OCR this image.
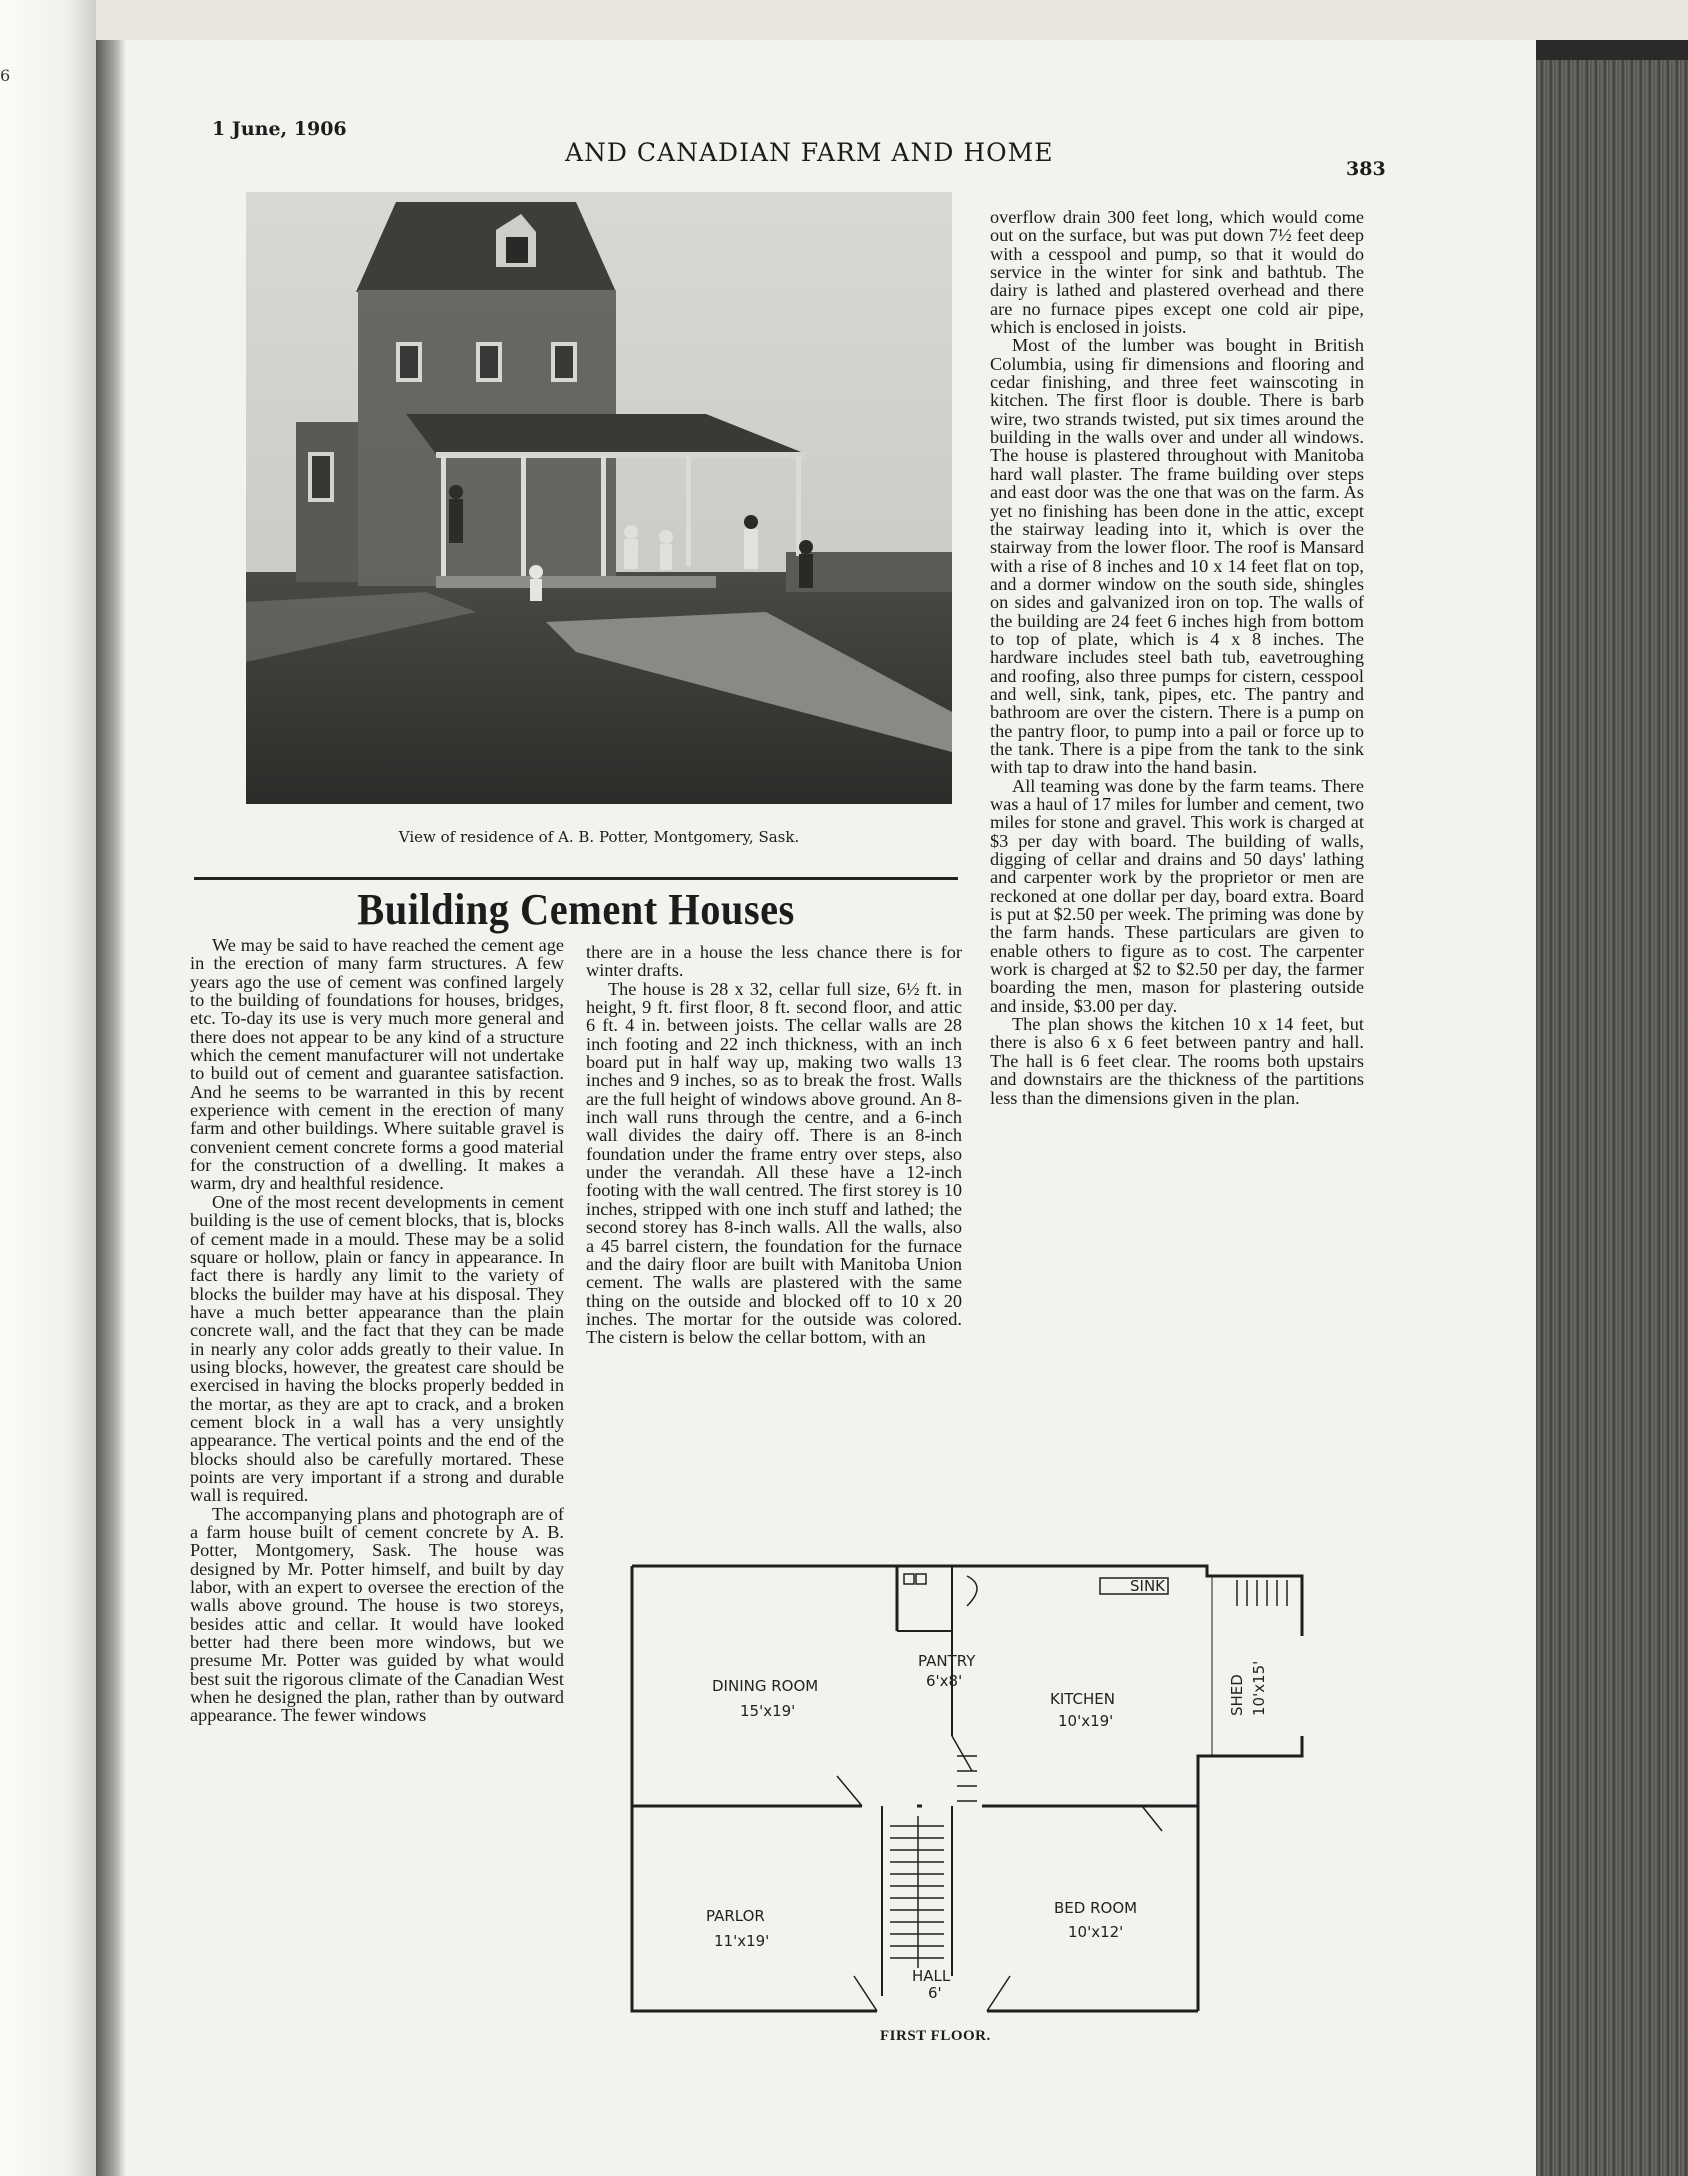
6
1 June, 1906
AND CANADIAN FARM AND HOME
383
View of residence of A. B. Potter, Montgomery, Sask.
Building Cement Houses

We may be said to have reached the cement age in the erection of many farm structures. A few years ago the use of cement was confined largely to the building of foundations for houses, bridges, etc. To-day its use is very much more general and there does not appear to be any kind of a structure which the cement manufacturer will not undertake to build out of cement and guarantee satisfaction. And he seems to be warranted in this by recent experience with cement in the erection of many farm and other buildings. Where suitable gravel is convenient cement concrete forms a good material for the construction of a dwelling. It makes a warm, dry and healthful residence.

One of the most recent developments in cement building is the use of cement blocks, that is, blocks of cement made in a mould. These may be a solid square or hollow, plain or fancy in appearance. In fact there is hardly any limit to the variety of blocks the builder may have at his disposal. They have a much better appearance than the plain concrete wall, and the fact that they can be made in nearly any color adds greatly to their value. In using blocks, however, the greatest care should be exercised in having the blocks properly bedded in the mortar, as they are apt to crack, and a broken cement block in a wall has a very unsightly appearance. The vertical points and the end of the blocks should also be carefully mortared. These points are very important if a strong and durable wall is required.

The accompanying plans and photograph are of a farm house built of cement concrete by A. B. Potter, Montgomery, Sask. The house was designed by Mr. Potter himself, and built by day labor, with an expert to oversee the erection of the walls above ground. The house is two storeys, besides attic and cellar. It would have looked better had there been more windows, but we presume Mr. Potter was guided by what would best suit the rigorous climate of the Canadian West when he designed the plan, rather than by outward appearance. The fewer windows

there are in a house the less chance there is for winter drafts.

The house is 28 x 32, cellar full size, 6½ ft. in height, 9 ft. first floor, 8 ft. second floor, and attic 6 ft. 4 in. between joists. The cellar walls are 28 inch footing and 22 inch thickness, with an inch board put in half way up, making two walls 13 inches and 9 inches, so as to break the frost. Walls are the full height of windows above ground. An 8-inch wall runs through the centre, and a 6-inch wall divides the dairy off. There is an 8-inch foundation under the frame entry over steps, also under the verandah. All these have a 12-inch footing with the wall centred. The first storey is 10 inches, stripped with one inch stuff and lathed; the second storey has 8-inch walls. All the walls, also a 45 barrel cistern, the foundation for the furnace and the dairy floor are built with Manitoba Union cement. The walls are plastered with the same thing on the outside and blocked off to 10 x 20 inches. The mortar for the outside was colored. The cistern is below the cellar bottom, with an

overflow drain 300 feet long, which would come out on the surface, but was put down 7½ feet deep with a cesspool and pump, so that it would do service in the winter for sink and bathtub. The dairy is lathed and plastered overhead and there are no furnace pipes except one cold air pipe, which is enclosed in joists.

Most of the lumber was bought in British Columbia, using fir dimensions and flooring and cedar finishing, and three feet wainscoting in kitchen. The first floor is double. There is barb wire, two strands twisted, put six times around the building in the walls over and under all windows. The house is plastered throughout with Manitoba hard wall plaster. The frame building over steps and east door was the one that was on the farm. As yet no finishing has been done in the attic, except the stairway leading into it, which is over the stairway from the lower floor. The roof is Mansard with a rise of 8 inches and 10 x 14 feet flat on top, and a dormer window on the south side, shingles on sides and galvanized iron on top. The walls of the building are 24 feet 6 inches high from bottom to top of plate, which is 4 x 8 inches. The hardware includes steel bath tub, eavetroughing and roofing, also three pumps for cistern, cesspool and well, sink, tank, pipes, etc. The pantry and bathroom are over the cistern. There is a pump on the pantry floor, to pump into a pail or force up to the tank. There is a pipe from the tank to the sink with tap to draw into the hand basin.

All teaming was done by the farm teams. There was a haul of 17 miles for lumber and cement, two miles for stone and gravel. This work is charged at $3 per day with board. The building of walls, digging of cellar and drains and 50 days' lathing and carpenter work by the proprietor or men are reckoned at one dollar per day, board extra. Board is put at $2.50 per week. The priming was done by the farm hands. These particulars are given to enable others to figure as to cost. The carpenter work is charged at $2 to $2.50 per day, the farmer boarding the men, mason for plastering outside and inside, $3.00 per day.

The plan shows the kitchen 10 x 14 feet, but there is also 6 x 6 feet between pantry and hall. The hall is 6 feet clear. The rooms both upstairs and downstairs are the thickness of the partitions less than the dimensions given in the plan.

SINK
PANTRY
6'x8'
DINING ROOM
15'x19'
KITCHEN
10'x19'
SHED 10'x15'
PARLOR
11'x19'
BED ROOM
10'x12'
HALL
6'
FIRST FLOOR.
